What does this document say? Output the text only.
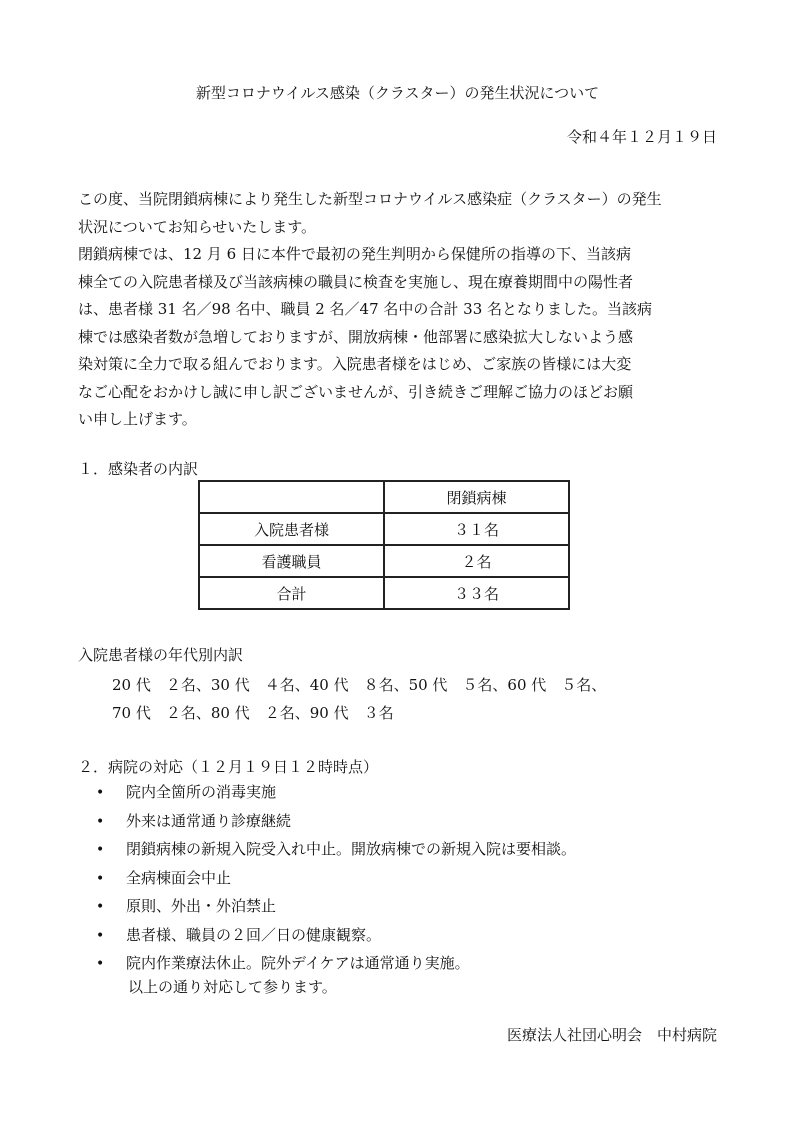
新型コロナウイルス感染（クラスター）の発生状況について
令和４年１２月１９日
この度、当院閉鎖病棟により発生した新型コロナウイルス感染症（クラスター）の発生
状況についてお知らせいたします。
閉鎖病棟では、12 月 6 日に本件で最初の発生判明から保健所の指導の下、当該病
棟全ての入院患者様及び当該病棟の職員に検査を実施し、現在療養期間中の陽性者
は、患者様 31 名／98 名中、職員 2 名／47 名中の合計 33 名となりました。当該病
棟では感染者数が急増しておりますが、開放病棟・他部署に感染拡大しないよう感
染対策に全力で取る組んでおります。入院患者様をはじめ、ご家族の皆様には大変
なご心配をおかけし誠に申し訳ございませんが、引き続きご理解ご協力のほどお願
い申し上げます。
１．感染者の内訳
	閉鎖病棟
入院患者様	３１名
看護職員	２名
合計	３３名
入院患者様の年代別内訳
20 代　２名、30 代　４名、40 代　８名、50 代　５名、60 代　５名、
70 代　２名、80 代　２名、90 代　３名
２．病院の対応（１２月１９日１２時時点）
• 院内全箇所の消毒実施
• 外来は通常通り診療継続
• 閉鎖病棟の新規入院受入れ中止。開放病棟での新規入院は要相談。
• 全病棟面会中止
• 原則、外出・外泊禁止
• 患者様、職員の２回／日の健康観察。
• 院内作業療法休止。院外デイケアは通常通り実施。
以上の通り対応して参ります。
医療法人社団心明会　中村病院
